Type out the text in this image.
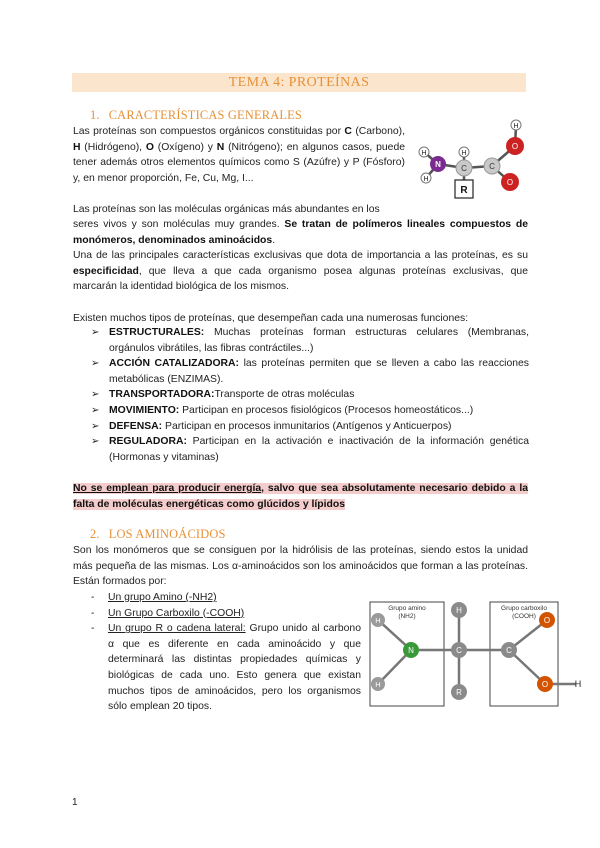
TEMA 4: PROTEÍNAS
1. CARACTERÍSTICAS GENERALES
Las proteínas son compuestos orgánicos constituidas por C (Carbono), H (Hidrógeno), O (Oxígeno) y N (Nitrógeno); en algunos casos, puede tener además otros elementos químicos como S (Azúfre) y P (Fósforo) y, en menor proporción, Fe, Cu, Mg, I...
Las proteínas son las moléculas orgánicas más abundantes en los
seres vivos y son moléculas muy grandes. Se tratan de polímeros lineales compuestos de monómeros, denominados aminoácidos.
Una de las principales características exclusivas que dota de importancia a las proteínas, es su especificidad, que lleva a que cada organismo posea algunas proteínas exclusivas, que marcarán la identidad biológica de los mismos.
Existen muchos tipos de proteínas, que desempeñan cada una numerosas funciones:
➢ ESTRUCTURALES: Muchas proteínas forman estructuras celulares (Membranas, orgánulos vibrátiles, las fibras contráctiles...)
➢ ACCIÓN CATALIZADORA: las proteínas permiten que se lleven a cabo las reacciones metabólicas (ENZIMAS).
➢ TRANSPORTADORA:Transporte de otras moléculas
➢ MOVIMIENTO: Participan en procesos fisiológicos (Procesos homeostáticos...)
➢ DEFENSA: Participan en procesos inmunitarios (Antígenos y Anticuerpos)
➢ REGULADORA: Participan en la activación e inactivación de la información genética (Hormonas y vitaminas)
No se emplean para producir energía, salvo que sea absolutamente necesario debido a la falta de moléculas energéticas como glúcidos y lípidos
2. LOS AMINOÁCIDOS
Son los monómeros que se consiguen por la hidrólisis de las proteínas, siendo estos la unidad más pequeña de las mismas. Los α-aminoácidos son los aminoácidos que forman a las proteínas. Están formados por:
- Un grupo Amino (-NH2)
- Un Grupo Carboxilo (-COOH)
- Un grupo R o cadena lateral: Grupo unido al carbono α que es diferente en cada aminoácido y que determinará las distintas propiedades químicas y biológicas de cada uno. Esto genera que existan muchos tipos de aminoácidos, pero los organismos sólo emplean 20 tipos.
H
H
H
H
N	C	C
O
O
R
Grupo amino
(NH2)
Grupo carboxilo
(COOH)
H
H
N
H
C
R
C
O
O	H
1
